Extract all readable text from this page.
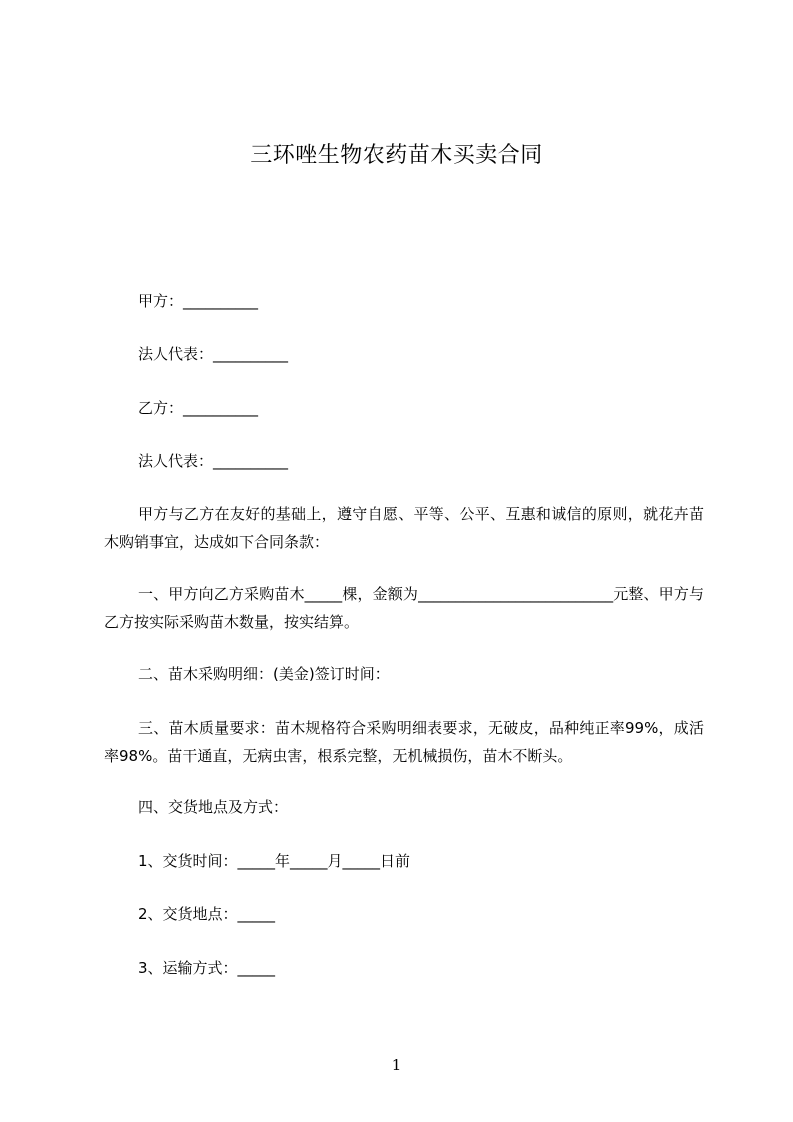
三环唑生物农药苗木买卖合同

甲方：__________

法人代表：__________

乙方：__________

法人代表：__________

甲方与乙方在友好的基础上，遵守自愿、平等、公平、互惠和诚信的原则，就花卉苗木购销事宜，达成如下合同条款：

一、甲方向乙方采购苗木_____棵，金额为__________________________元整、甲方与乙方按实际采购苗木数量，按实结算。

二、苗木采购明细：(美金)签订时间：

三、苗木质量要求：苗木规格符合采购明细表要求，无破皮，品种纯正率99%，成活率98%。苗干通直，无病虫害，根系完整，无机械损伤，苗木不断头。

四、交货地点及方式：

1、交货时间：_____年_____月_____日前

2、交货地点：_____

3、运输方式：_____

1
